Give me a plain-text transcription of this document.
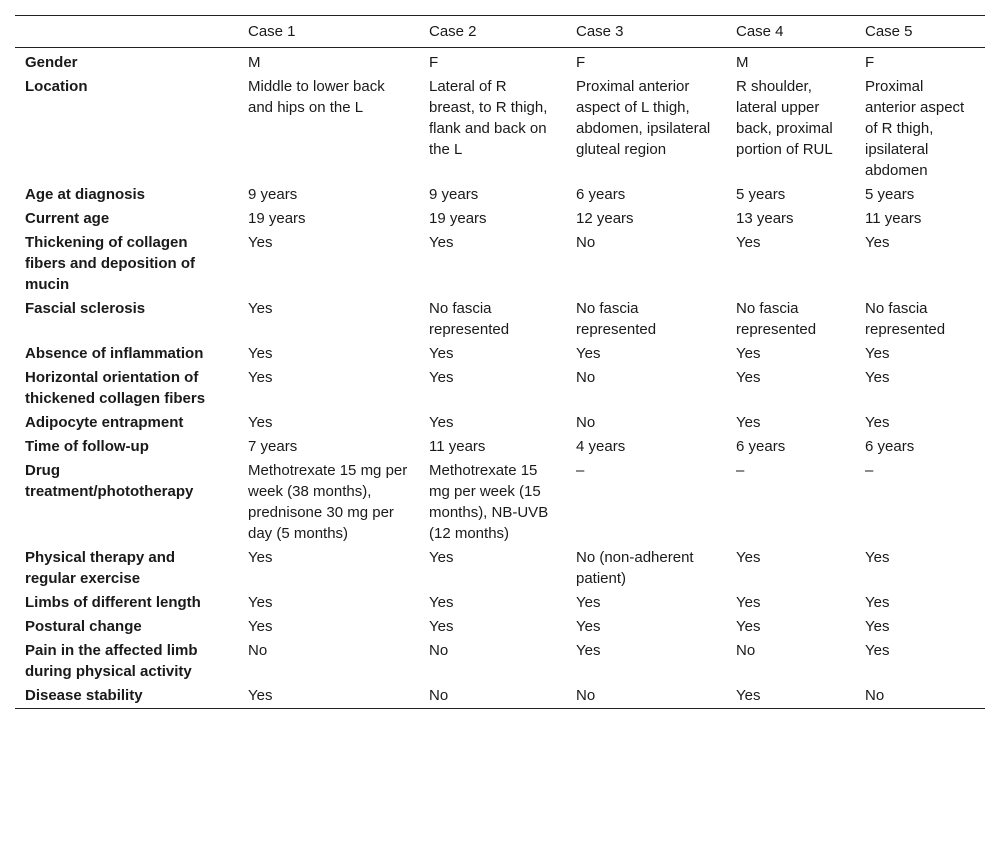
	Case 1	Case 2	Case 3	Case 4	Case 5
Gender	M	F	F	M	F
Location	Middle to lower back and hips on the L	Lateral of R breast, to R thigh, flank and back on the L	Proximal anterior aspect of L thigh, abdomen, ipsilateral gluteal region	R shoulder, lateral upper back, proximal portion of RUL	Proximal anterior aspect of R thigh, ipsilateral abdomen
Age at diagnosis	9 years	9 years	6 years	5 years	5 years
Current age	19 years	19 years	12 years	13 years	11 years
Thickening of collagen fibers and deposition of mucin	Yes	Yes	No	Yes	Yes
Fascial sclerosis	Yes	No fascia represented	No fascia represented	No fascia represented	No fascia represented
Absence of inflammation	Yes	Yes	Yes	Yes	Yes
Horizontal orientation of thickened collagen fibers	Yes	Yes	No	Yes	Yes
Adipocyte entrapment	Yes	Yes	No	Yes	Yes
Time of follow-up	7 years	11 years	4 years	6 years	6 years
Drug treatment/phototherapy	Methotrexate 15 mg per week (38 months), prednisone 30 mg per day (5 months)	Methotrexate 15 mg per week (15 months), NB-UVB (12 months)	–	–	–
Physical therapy and regular exercise	Yes	Yes	No (non-adherent patient)	Yes	Yes
Limbs of different length	Yes	Yes	Yes	Yes	Yes
Postural change	Yes	Yes	Yes	Yes	Yes
Pain in the affected limb during physical activity	No	No	Yes	No	Yes
Disease stability	Yes	No	No	Yes	No
